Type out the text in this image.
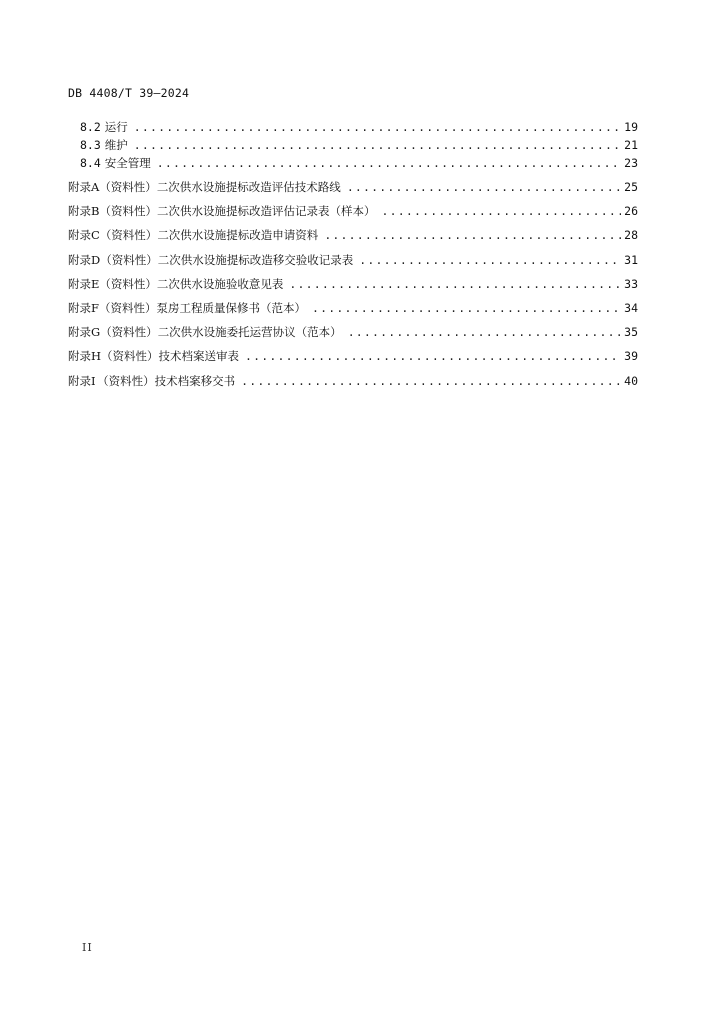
DB 4408/T 39—2024
8.2 运行 .....	19
8.3 维护 .....	21
8.4 安全管理 .....	23
附 录 A （资料性） 二次供水设施提标改造评估技术路线 .....	25
附 录 B （资料性） 二次供水设施提标改造评估记录表（样本） .....	26
附 录 C （资料性） 二次供水设施提标改造申请资料 .....	28
附 录 D （资料性） 二次供水设施提标改造移交验收记录表 .....	31
附 录 E （资料性） 二次供水设施验收意见表 .....	33
附 录 F （资料性） 泵房工程质量保修书（范本） .....	34
附 录 G （资料性） 二次供水设施委托运营协议（范本） .....	35
附 录 H （资料性） 技术档案送审表 .....	39
附 录 I （资料性） 技术档案移交书 .....	40
II
